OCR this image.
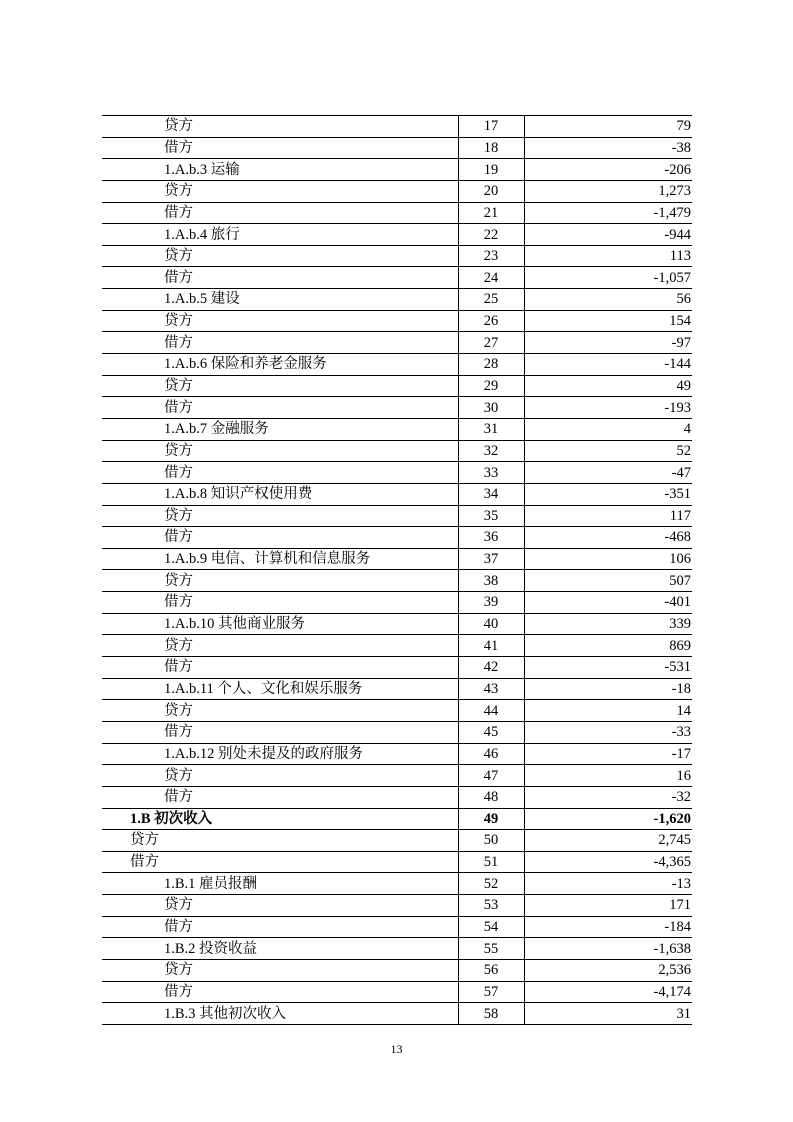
贷方	17	79
借方	18	-38
1.A.b.3 运输	19	-206
贷方	20	1,273
借方	21	-1,479
1.A.b.4 旅行	22	-944
贷方	23	113
借方	24	-1,057
1.A.b.5 建设	25	56
贷方	26	154
借方	27	-97
1.A.b.6 保险和养老金服务	28	-144
贷方	29	49
借方	30	-193
1.A.b.7 金融服务	31	4
贷方	32	52
借方	33	-47
1.A.b.8 知识产权使用费	34	-351
贷方	35	117
借方	36	-468
1.A.b.9 电信、计算机和信息服务	37	106
贷方	38	507
借方	39	-401
1.A.b.10 其他商业服务	40	339
贷方	41	869
借方	42	-531
1.A.b.11 个人、文化和娱乐服务	43	-18
贷方	44	14
借方	45	-33
1.A.b.12 别处未提及的政府服务	46	-17
贷方	47	16
借方	48	-32
1.B 初次收入	49	-1,620
贷方	50	2,745
借方	51	-4,365
1.B.1 雇员报酬	52	-13
贷方	53	171
借方	54	-184
1.B.2 投资收益	55	-1,638
贷方	56	2,536
借方	57	-4,174
1.B.3 其他初次收入	58	31
13
